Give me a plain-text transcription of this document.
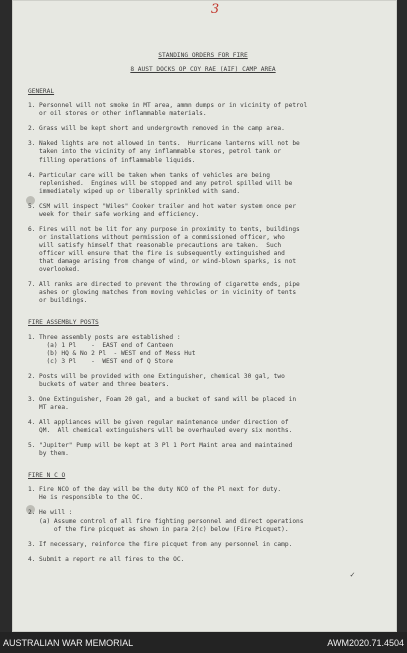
3
STANDING ORDERS FOR FIRE
8 AUST DOCKS OP COY RAE (AIF) CAMP AREA
GENERAL
1. Personnel will not smoke in MT area, ammn dumps or in vicinity of petrol
or oil stores or other inflammable materials.
2. Grass will be kept short and undergrowth removed in the camp area.
3. Naked lights are not allowed in tents.  Hurricane lanterns will not be
taken into the vicinity of any inflammable stores, petrol tank or
filling operations of inflammable liquids.
4. Particular care will be taken when tanks of vehicles are being
replenished.  Engines will be stopped and any petrol spilled will be
immediately wiped up or liberally sprinkled with sand.
5. CSM will inspect "Wiles" Cooker trailer and hot water system once per
week for their safe working and efficiency.
6. Fires will not be lit for any purpose in proximity to tents, buildings
or installations without permission of a commissioned officer, who
will satisfy himself that reasonable precautions are taken.  Such
officer will ensure that the fire is subsequently extinguished and
that damage arising from change of wind, or wind-blown sparks, is not
overlooked.
7. All ranks are directed to prevent the throwing of cigarette ends, pipe
ashes or glowing matches from moving vehicles or in vicinity of tents
or buildings.
FIRE ASSEMBLY POSTS
1. Three assembly posts are established :
(a) 1 Pl    -  EAST end of Canteen
(b) HQ & No 2 Pl  - WEST end of Mess Hut
(c) 3 Pl    -  WEST end of Q Store
2. Posts will be provided with one Extinguisher, chemical 30 gal, two
buckets of water and three beaters.
3. One Extinguisher, Foam 20 gal, and a bucket of sand will be placed in
MT area.
4. All appliances will be given regular maintenance under direction of
QM.  All chemical extinguishers will be overhauled every six months.
5. "Jupiter" Pump will be kept at 3 Pl 1 Port Maint area and maintained
by them.
FIRE N C O
1. Fire NCO of the day will be the duty NCO of the Pl next for duty.
He is responsible to the OC.
2. He will :
(a) Assume control of all fire fighting personnel and direct operations
of the fire picquet as shown in para 2(c) below (Fire Picquet).
3. If necessary, reinforce the fire picquet from any personnel in camp.
4. Submit a report re all fires to the OC.
✓
AUSTRALIAN WAR MEMORIAL	AWM2020.71.4504
